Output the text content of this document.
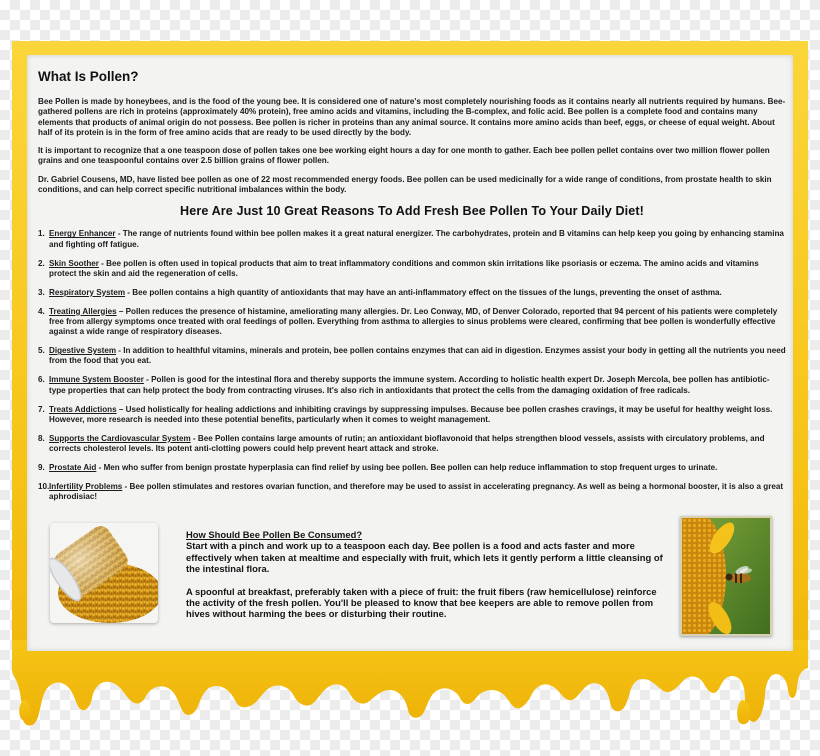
What Is Pollen?

Bee Pollen is made by honeybees, and is the food of the young bee. It is considered one of nature's most completely nourishing foods as it contains nearly all nutrients required by humans. Bee-gathered pollens are rich in proteins (approximately 40% protein), free amino acids and vitamins, including the B-complex, and folic acid. Bee pollen is a complete food and contains many elements that products of animal origin do not possess. Bee pollen is richer in proteins than any animal source. It contains more amino acids than beef, eggs, or cheese of equal weight. About half of its protein is in the form of free amino acids that are ready to be used directly by the body.

It is important to recognize that a one teaspoon dose of pollen takes one bee working eight hours a day for one month to gather. Each bee pollen pellet contains over two million flower pollen grains and one teaspoonful contains over 2.5 billion grains of flower pollen.

Dr. Gabriel Cousens, MD, have listed bee pollen as one of 22 most recommended energy foods. Bee pollen can be used medicinally for a wide range of conditions, from prostate health to skin conditions, and can help correct specific nutritional imbalances within the body.

Here Are Just 10 Great Reasons To Add Fresh Bee Pollen To Your Daily Diet!
1. Energy Enhancer - The range of nutrients found within bee pollen makes it a great natural energizer. The carbohydrates, protein and B vitamins can help keep you going by enhancing stamina and fighting off fatigue.
2. Skin Soother - Bee pollen is often used in topical products that aim to treat inflammatory conditions and common skin irritations like psoriasis or eczema. The amino acids and vitamins protect the skin and aid the regeneration of cells.
3. Respiratory System - Bee pollen contains a high quantity of antioxidants that may have an anti-inflammatory effect on the tissues of the lungs, preventing the onset of asthma.
4. Treating Allergies – Pollen reduces the presence of histamine, ameliorating many allergies. Dr. Leo Conway, MD, of Denver Colorado, reported that 94 percent of his patients were completely free from allergy symptoms once treated with oral feedings of pollen. Everything from asthma to allergies to sinus problems were cleared, confirming that bee pollen is wonderfully effective against a wide range of respiratory diseases.
5. Digestive System - In addition to healthful vitamins, minerals and protein, bee pollen contains enzymes that can aid in digestion. Enzymes assist your body in getting all the nutrients you need from the food that you eat.
6. Immune System Booster - Pollen is good for the intestinal flora and thereby supports the immune system. According to holistic health expert Dr. Joseph Mercola, bee pollen has antibiotic-type properties that can help protect the body from contracting viruses. It's also rich in antioxidants that protect the cells from the damaging oxidation of free radicals.
7. Treats Addictions – Used holistically for healing addictions and inhibiting cravings by suppressing impulses. Because bee pollen crashes cravings, it may be useful for healthy weight loss. However, more research is needed into these potential benefits, particularly when it comes to weight management.
8. Supports the Cardiovascular System - Bee Pollen contains large amounts of rutin; an antioxidant bioflavonoid that helps strengthen blood vessels, assists with circulatory problems, and corrects cholesterol levels. Its potent anti-clotting powers could help prevent heart attack and stroke.
9. Prostate Aid - Men who suffer from benign prostate hyperplasia can find relief by using bee pollen. Bee pollen can help reduce inflammation to stop frequent urges to urinate.
10. Infertility Problems - Bee pollen stimulates and restores ovarian function, and therefore may be used to assist in accelerating pregnancy. As well as being a hormonal booster, it is also a great aphrodisiac!
How Should Bee Pollen Be Consumed?

Start with a pinch and work up to a teaspoon each day. Bee pollen is a food and acts faster and more effectively when taken at mealtime and especially with fruit, which lets it gently perform a little cleansing of the intestinal flora.

A spoonful at breakfast, preferably taken with a piece of fruit: the fruit fibers (raw hemicellulose) reinforce the activity of the fresh pollen. You'll be pleased to know that bee keepers are able to remove pollen from hives without harming the bees or disturbing their routine.
